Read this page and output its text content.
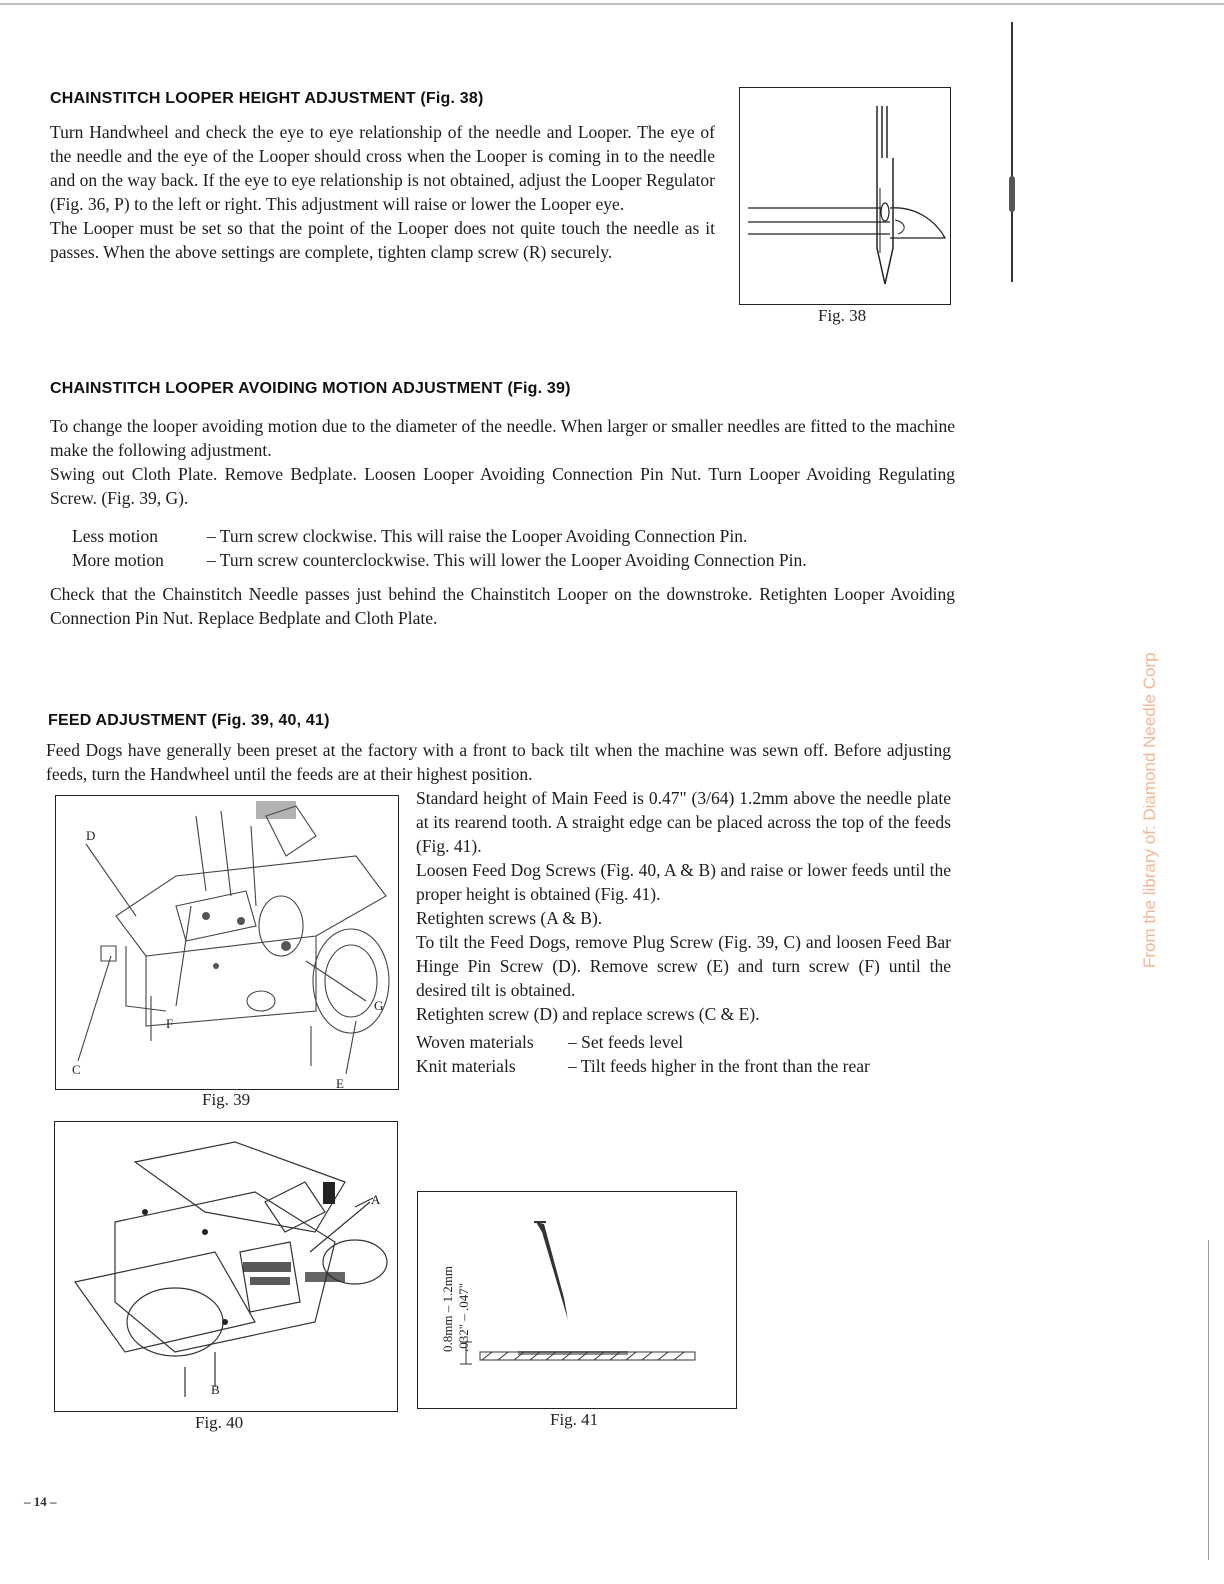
CHAINSTITCH LOOPER HEIGHT ADJUSTMENT (Fig. 38)

Turn Handwheel and check the eye to eye relationship of the needle and Looper. The eye of the needle and the eye of the Looper should cross when the Looper is coming in to the needle and on the way back. If the eye to eye relationship is not obtained, adjust the Looper Regulator (Fig. 36, P) to the left or right. This adjustment will raise or lower the Looper eye.

The Looper must be set so that the point of the Looper does not quite touch the needle as it passes. When the above settings are complete, tighten clamp screw (R) securely.

Fig. 38
CHAINSTITCH LOOPER AVOIDING MOTION ADJUSTMENT (Fig. 39)

To change the looper avoiding motion due to the diameter of the needle. When larger or smaller needles are fitted to the machine make the following adjustment.

Swing out Cloth Plate. Remove Bedplate. Loosen Looper Avoiding Connection Pin Nut. Turn Looper Avoiding Regulating Screw. (Fig. 39, G).

Less motion	– Turn screw clockwise. This will raise the Looper Avoiding Connection Pin.
More motion	– Turn screw counterclockwise. This will lower the Looper Avoiding Connection Pin.
Check that the Chainstitch Needle passes just behind the Chainstitch Looper on the downstroke. Retighten Looper Avoiding Connection Pin Nut. Replace Bedplate and Cloth Plate.
FEED ADJUSTMENT (Fig. 39, 40, 41)
Feed Dogs have generally been preset at the factory with a front to back tilt when the machine was sewn off. Before adjusting feeds, turn the Handwheel until the feeds are at their highest position.

Standard height of Main Feed is 0.47" (3/64) 1.2mm above the needle plate at its rearend tooth. A straight edge can be placed across the top of the feeds (Fig. 41).

Loosen Feed Dog Screws (Fig. 40, A & B) and raise or lower feeds until the proper height is obtained (Fig. 41).

Retighten screws (A & B).

To tilt the Feed Dogs, remove Plug Screw (Fig. 39, C) and loosen Feed Bar Hinge Pin Screw (D). Remove screw (E) and turn screw (F) until the desired tilt is obtained.

Retighten screw (D) and replace screws (C & E).

Woven materials	– Set feeds level
Knit materials	– Tilt feeds higher in the front than the rear
D
F
C
E
G
Fig. 39
A
B
Fig. 40
0.8mm – 1.2mm .032" – .047"
Fig. 41
– 14 –
From the library of: Diamond Needle Corp
